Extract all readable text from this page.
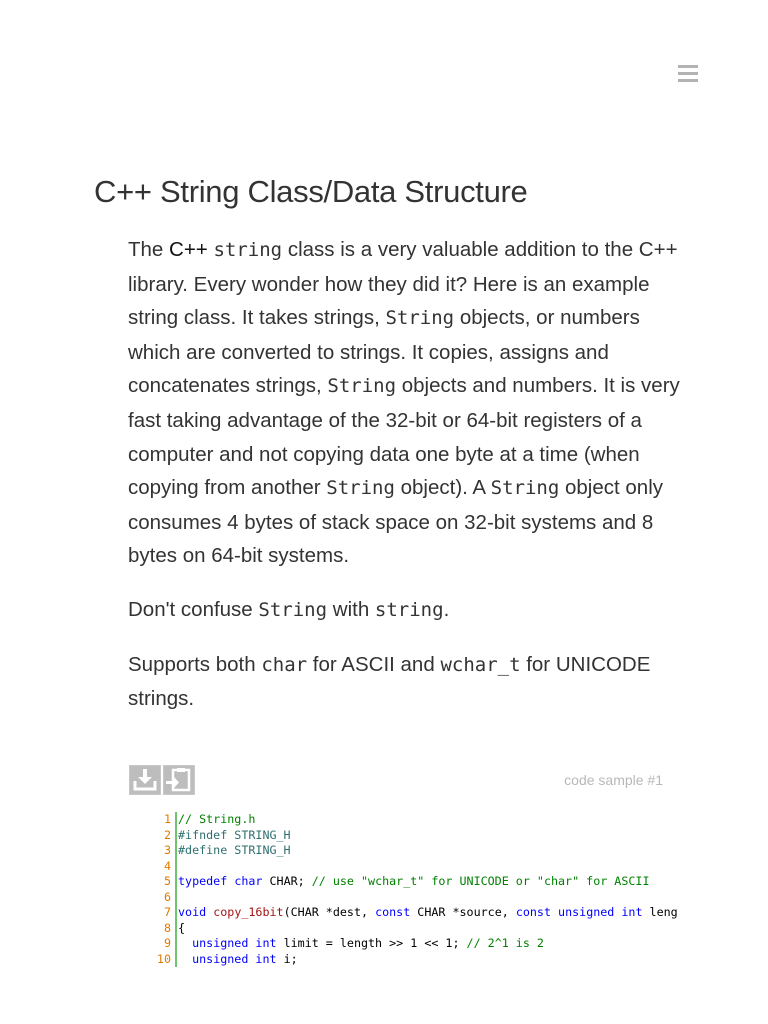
C++ String Class/Data Structure

The C++ string class is a very valuable addition to the C++ library. Every wonder how they did it? Here is an example string class. It takes strings, String objects, or numbers which are converted to strings. It copies, assigns and concatenates strings, String objects and numbers. It is very fast taking advantage of the 32-bit or 64-bit registers of a computer and not copying data one byte at a time (when copying from another String object). A String object only consumes 4 bytes of stack space on 32-bit systems and 8 bytes on 64-bit systems.

Don't confuse String with string.

Supports both char for ASCII and wchar_t for UNICODE strings.

code sample #1
1 // String.h
2 #ifndef STRING_H
3 #define STRING_H
4

5 typedef char CHAR; // use "wchar_t" for UNICODE or "char" for ASCII
6

7 void copy_16bit(CHAR *dest, const CHAR *source, const unsigned int leng
8 {
9	unsigned int limit = length >> 1 << 1; // 2^1 is 2
10	unsigned int i;
